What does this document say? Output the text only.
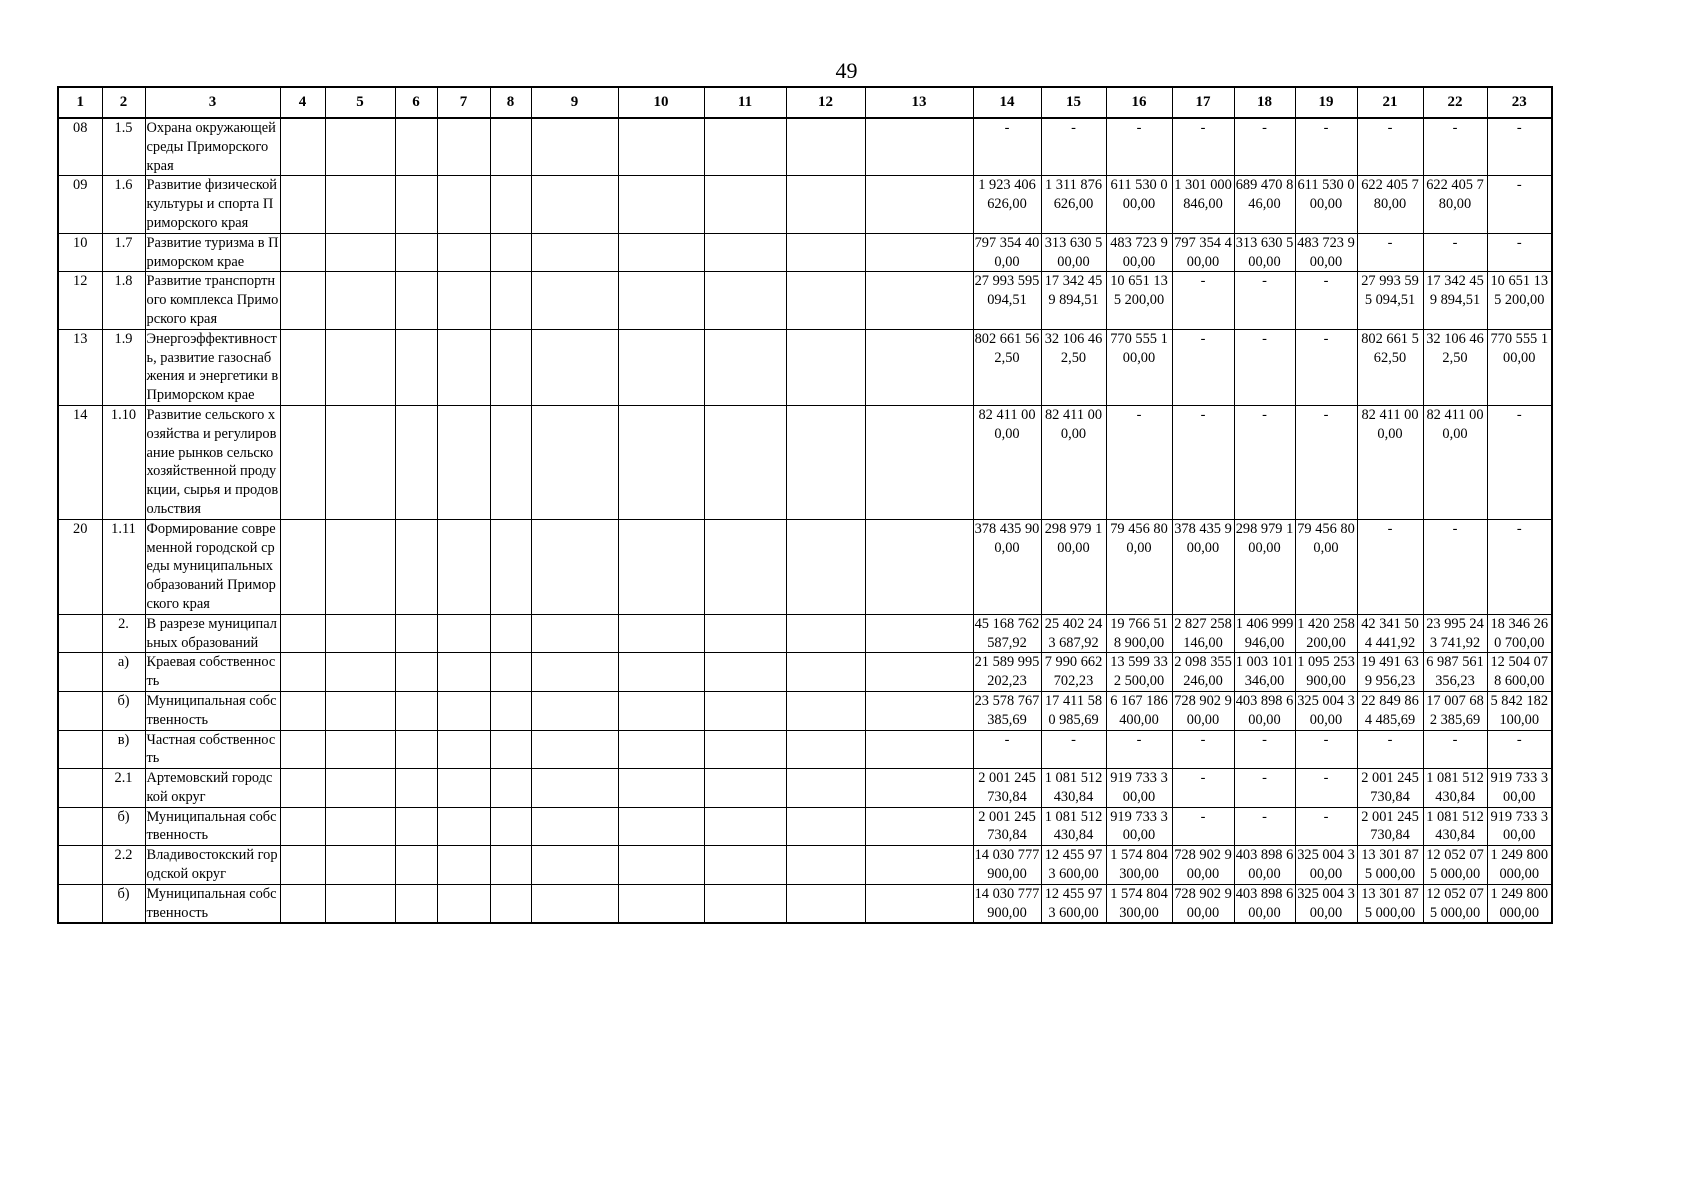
49
1	2	3	4	5	6	7	8	9	10	11	12	13	14	15	16	17	18	19	21	22	23
08	1.5	Охрана окружающей среды Приморского края											-	-	-	-	-	-	-	-	-
09	1.6	Развитие физической культуры и спорта Приморского края											1 923 406 626,00	1 311 876 626,00	611 530 000,00	1 301 000 846,00	689 470 846,00	611 530 000,00	622 405 780,00	622 405 780,00	-
10	1.7	Развитие туризма в Приморском крае											797 354 400,00	313 630 500,00	483 723 900,00	797 354 400,00	313 630 500,00	483 723 900,00	-	-	-
12	1.8	Развитие транспортного комплекса Приморского края											27 993 595 094,51	17 342 459 894,51	10 651 135 200,00	-	-	-	27 993 595 094,51	17 342 459 894,51	10 651 135 200,00
13	1.9	Энергоэффективность, развитие газоснабжения и энергетики в Приморском крае											802 661 562,50	32 106 462,50	770 555 100,00	-	-	-	802 661 562,50	32 106 462,50	770 555 100,00
14	1.10	Развитие сельского хозяйства и регулирование рынков сельскохозяйственной продукции, сырья и продовольствия											82 411 000,00	82 411 000,00	-	-	-	-	82 411 000,00	82 411 000,00	-
20	1.11	Формирование современной городской среды муниципальных образований Приморского края											378 435 900,00	298 979 100,00	79 456 800,00	378 435 900,00	298 979 100,00	79 456 800,00	-	-	-
	2.	В разрезе муниципальных образований											45 168 762 587,92	25 402 243 687,92	19 766 518 900,00	2 827 258 146,00	1 406 999 946,00	1 420 258 200,00	42 341 504 441,92	23 995 243 741,92	18 346 260 700,00
	а)	Краевая собственность											21 589 995 202,23	7 990 662 702,23	13 599 332 500,00	2 098 355 246,00	1 003 101 346,00	1 095 253 900,00	19 491 639 956,23	6 987 561 356,23	12 504 078 600,00
	б)	Муниципальная собственность											23 578 767 385,69	17 411 580 985,69	6 167 186 400,00	728 902 900,00	403 898 600,00	325 004 300,00	22 849 864 485,69	17 007 682 385,69	5 842 182 100,00
	в)	Частная собственность											-	-	-	-	-	-	-	-	-
	2.1	Артемовский городской округ											2 001 245 730,84	1 081 512 430,84	919 733 300,00	-	-	-	2 001 245 730,84	1 081 512 430,84	919 733 300,00
	б)	Муниципальная собственность											2 001 245 730,84	1 081 512 430,84	919 733 300,00	-	-	-	2 001 245 730,84	1 081 512 430,84	919 733 300,00
	2.2	Владивостокский городской округ											14 030 777 900,00	12 455 973 600,00	1 574 804 300,00	728 902 900,00	403 898 600,00	325 004 300,00	13 301 875 000,00	12 052 075 000,00	1 249 800 000,00
	б)	Муниципальная собственность											14 030 777 900,00	12 455 973 600,00	1 574 804 300,00	728 902 900,00	403 898 600,00	325 004 300,00	13 301 875 000,00	12 052 075 000,00	1 249 800 000,00
